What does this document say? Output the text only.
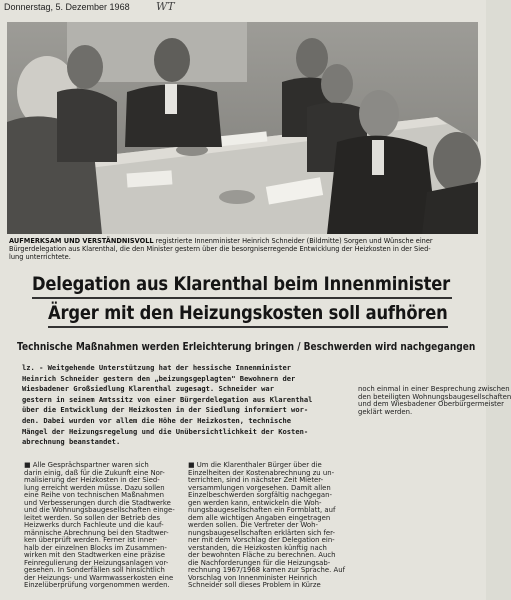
Donnerstag, 5. Dezember 1968 WT
AUFMERKSAM UND VERSTÄNDNISVOLL registrierte Innenminister Heinrich Schneider (Bildmitte) Sorgen und Wünsche einer
Bürgerdelegation aus Klarenthal, die den Minister gestern über die besorgniserregende Entwicklung der Heizkosten in der Sied-
lung unterrichtete.
Delegation aus Klarenthal beim Innenminister
Ärger mit den Heizungskosten soll aufhören
Technische Maßnahmen werden Erleichterung bringen / Beschwerden wird nachgegangen
lz. - Weitgehende Unterstützung hat der hessische Innenminister
Heinrich Schneider gestern den „beizungsgeplagten" Bewohnern der
Wiesbadener Großsiedlung Klarenthal zugesagt. Schneider war
gestern in seinem Amtssitz von einer Bürgerdelegation aus Klarenthal
über die Entwicklung der Heizkosten in der Siedlung informiert wor-
den. Dabei wurden vor allem die Höhe der Heizkosten, technische
Mängel der Heizungsregelung und die Unübersichtlichkeit der Kosten-
abrechnung beanstandet.
noch einmal in einer Besprechung zwischen
den beteiligten Wohnungsbaugesellschaften
und dem Wiesbadener Oberbürgermeister
geklärt werden.
■ Alle Gesprächspartner waren sich
darin einig, daß für die Zukunft eine Nor-
malisierung der Heizkosten in der Sied-
lung erreicht werden müsse. Dazu sollen
eine Reihe von technischen Maßnahmen
und Verbesserungen durch die Stadtwerke
und die Wohnungsbaugesellschaften einge-
leitet werden. So sollen der Betrieb des
Heizwerks durch Fachleute und die kauf-
männische Abrechnung bei den Stadtwer-
ken überprüft werden. Ferner ist inner-
halb der einzelnen Blocks im Zusammen-
wirken mit den Stadtwerken eine präzise
Feinregulierung der Heizungsanlagen vor-
gesehen. In Sonderfällen soll hinsichtlich
der Heizungs- und Warmwasserkosten eine
Einzelüberprüfung vorgenommen werden.
■ Um die Klarenthaler Bürger über die
Einzelheiten der Kostenabrechnung zu un-
terrichten, sind in nächster Zeit Mieter-
versammlungen vorgesehen. Damit allen
Einzelbeschwerden sorgfältig nachgegan-
gen werden kann, entwickeln die Woh-
nungsbaugesellschaften ein Formblatt, auf
dem alle wichtigen Angaben eingetragen
werden sollen. Die Vertreter der Woh-
nungsbaugesellschaften erklärten sich fer-
ner mit dem Vorschlag der Delegation ein-
verstanden, die Heizkosten künftig nach
der bewohnten Fläche zu berechnen. Auch
die Nachforderungen für die Heizungsab-
rechnung 1967/1968 kamen zur Sprache. Auf
Vorschlag von Innenminister Heinrich
Schneider soll dieses Problem in Kürze
